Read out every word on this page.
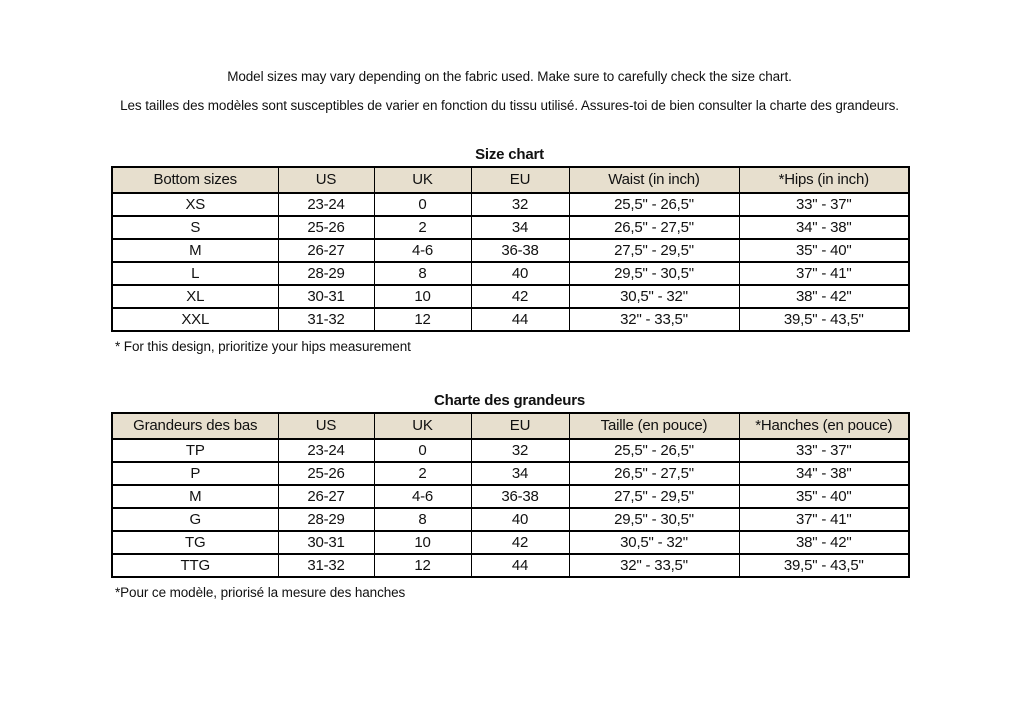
Model sizes may vary depending on the fabric used. Make sure to carefully check the size chart.

Les tailles des modèles sont susceptibles de varier en fonction du tissu utilisé. Assures-toi de bien consulter la charte des grandeurs.

Size chart
Bottom sizes	US	UK	EU	Waist (in inch)	*Hips (in inch)
XS	23-24	0	32	25,5" - 26,5"	33" - 37"
S	25-26	2	34	26,5" - 27,5"	34" - 38"
M	26-27	4-6	36-38	27,5" - 29,5"	35" - 40"
L	28-29	8	40	29,5" - 30,5"	37" - 41"
XL	30-31	10	42	30,5" - 32"	38" - 42"
XXL	31-32	12	44	32" - 33,5"	39,5" - 43,5"

* For this design, prioritize your hips measurement

Charte des grandeurs
Grandeurs des bas	US	UK	EU	Taille (en pouce)	*Hanches (en pouce)
TP	23-24	0	32	25,5" - 26,5"	33" - 37"
P	25-26	2	34	26,5" - 27,5"	34" - 38"
M	26-27	4-6	36-38	27,5" - 29,5"	35" - 40"
G	28-29	8	40	29,5" - 30,5"	37" - 41"
TG	30-31	10	42	30,5" - 32"	38" - 42"
TTG	31-32	12	44	32" - 33,5"	39,5" - 43,5"

*Pour ce modèle, priorisé la mesure des hanches
